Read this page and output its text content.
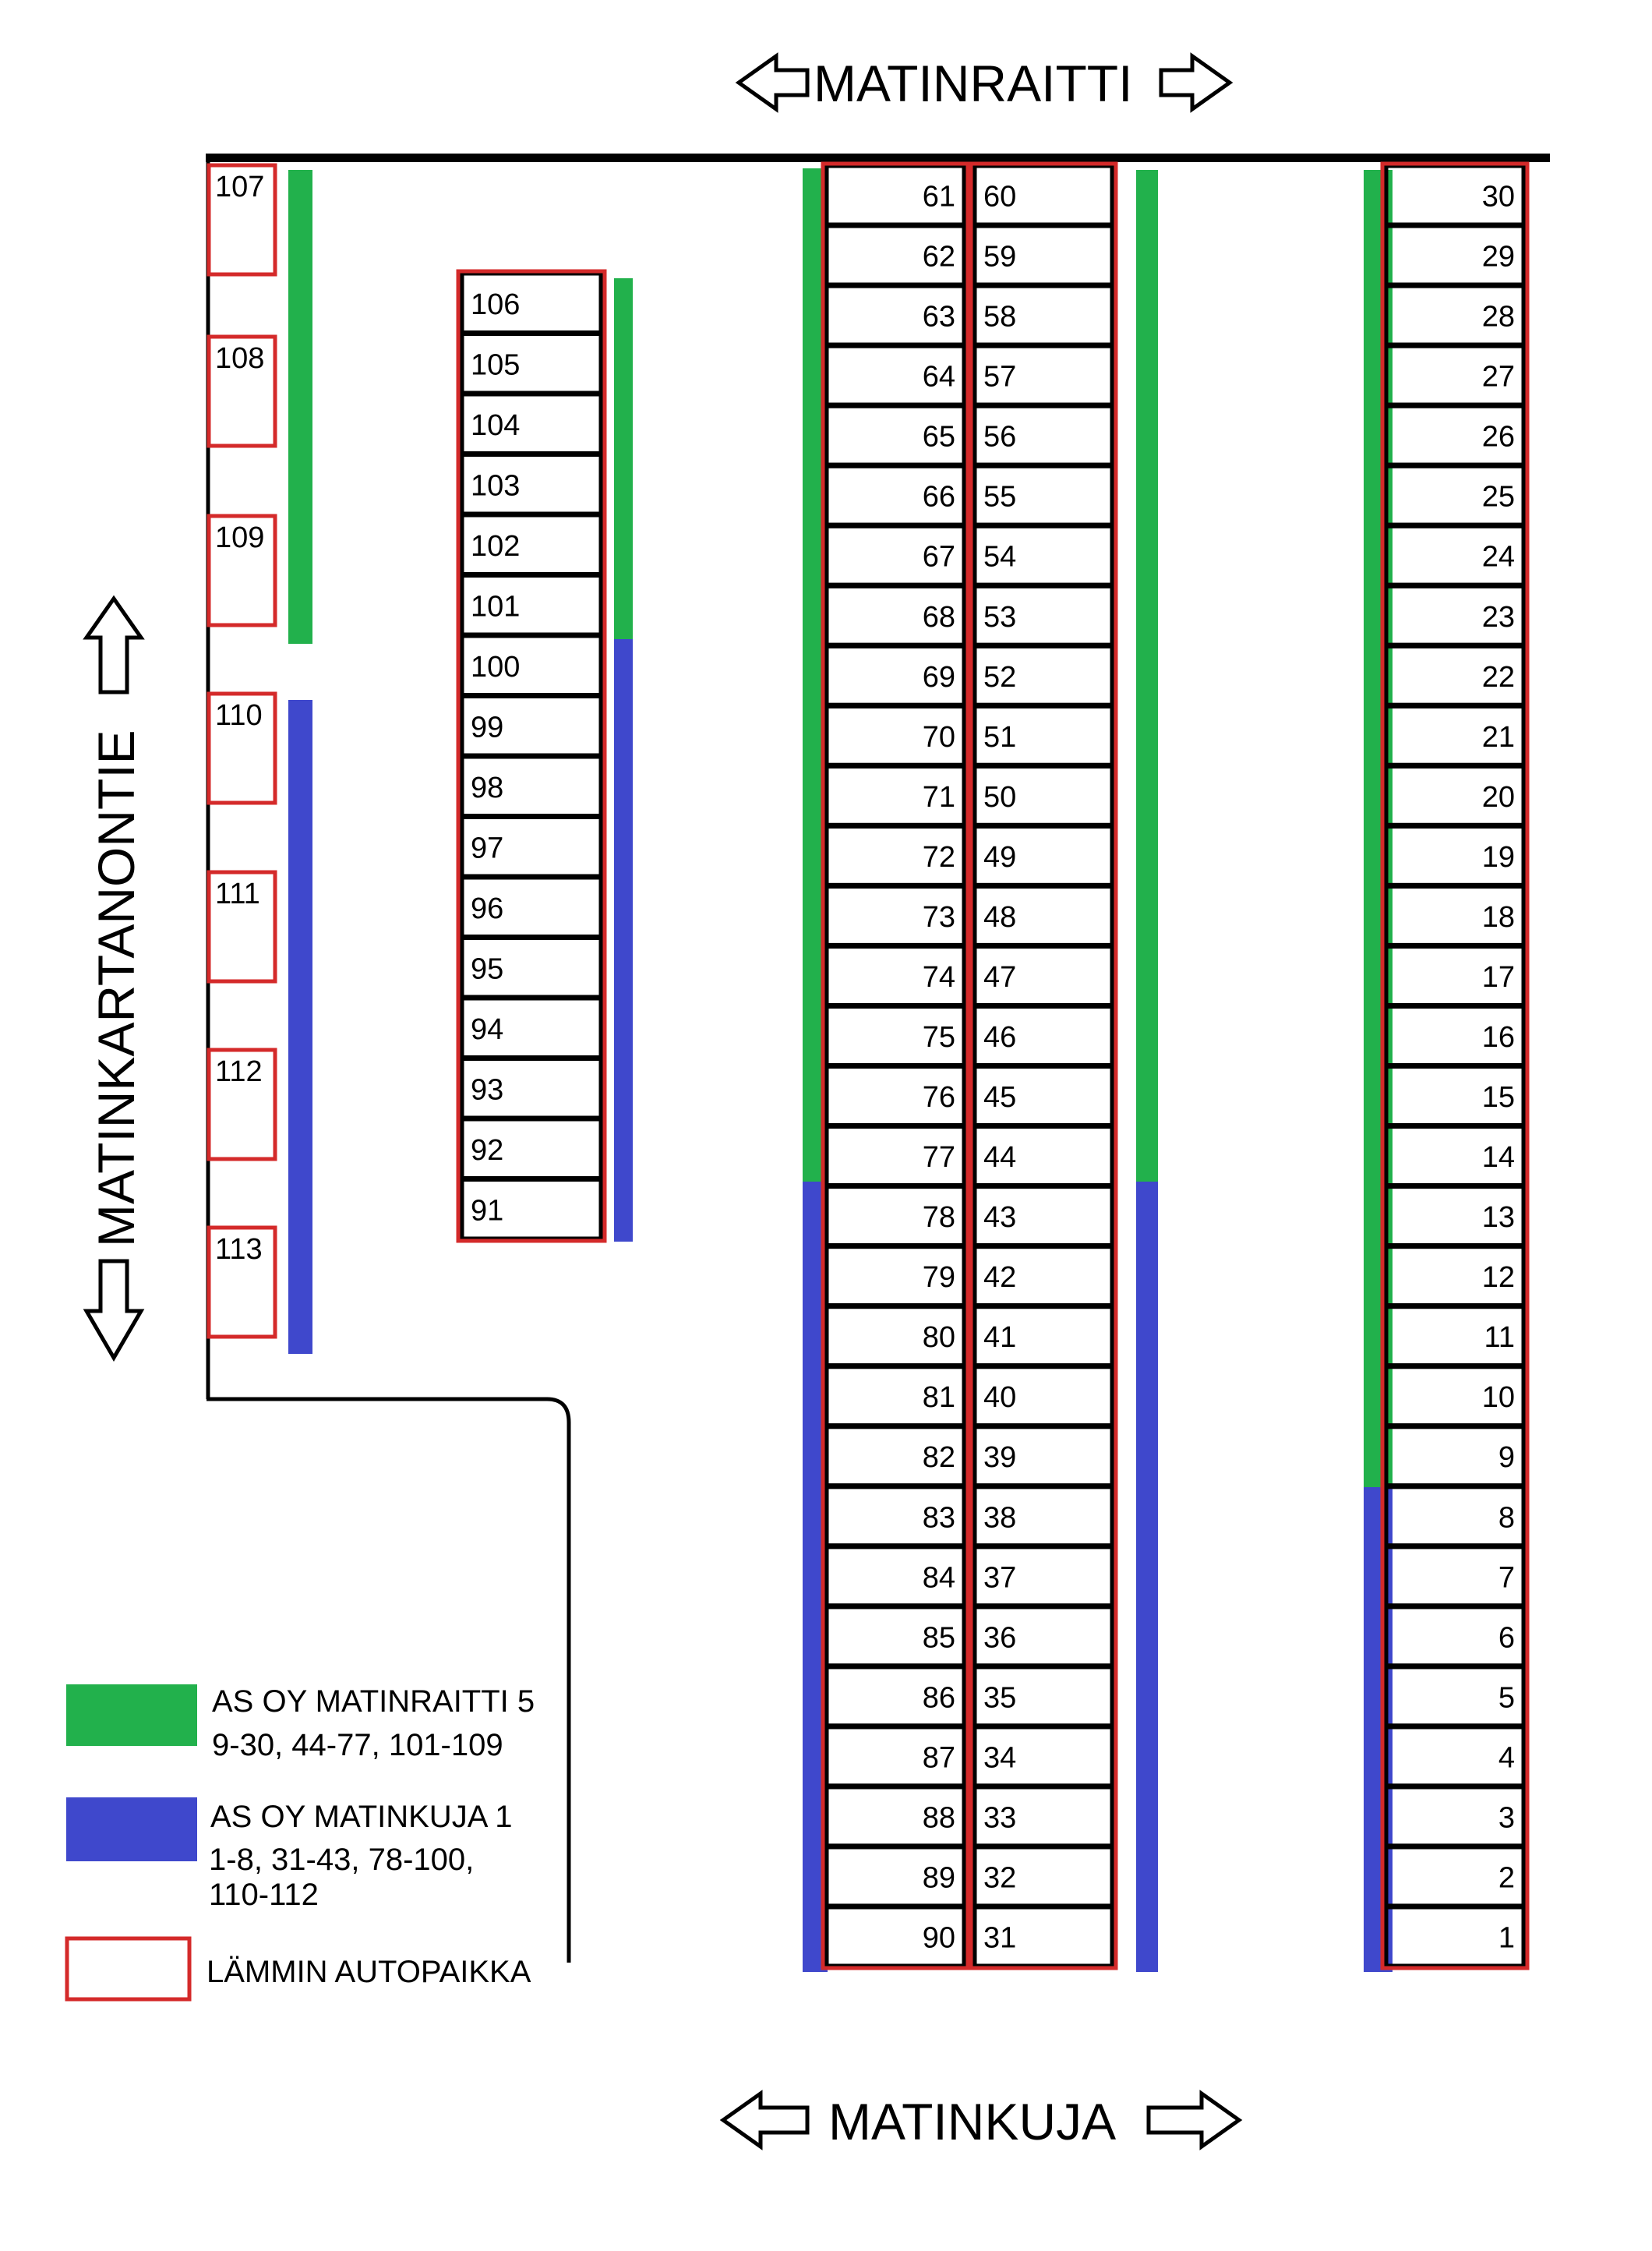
MATINRAITTI
MATINKUJA
MATINKARTANONTIE
61
62
63
64
65
66
67
68
69
70
71
72
73
74
75
76
77
78
79
80
81
82
83
84
85
86
87
88
89
90
60
59
58
57
56
55
54
53
52
51
50
49
48
47
46
45
44
43
42
41
40
39
38
37
36
35
34
33
32
31
30
29
28
27
26
25
24
23
22
21
20
19
18
17
16
15
14
13
12
11
10
9
8
7
6
5
4
3
2
1
106
105
104
103
102
101
100
99
98
97
96
95
94
93
92
91
107
108
109
110
111
112
113
AS OY MATINRAITTI 5
9-30, 44-77, 101-109
AS OY MATINKUJA 1
1-8, 31-43, 78-100,
110-112
LÄMMIN AUTOPAIKKA
